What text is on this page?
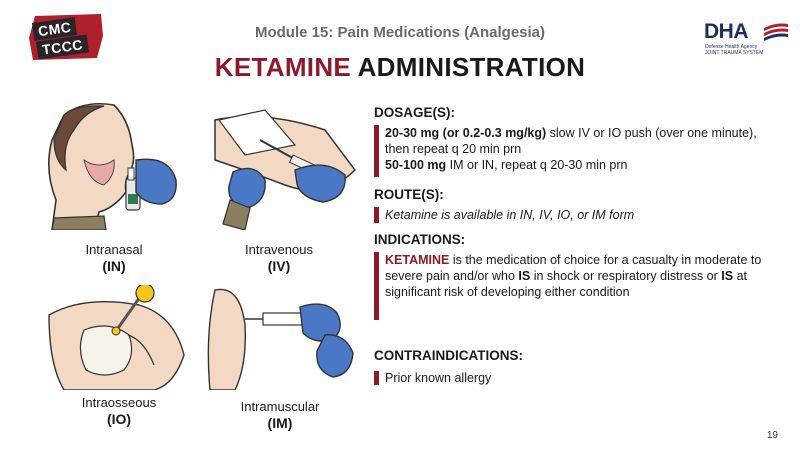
CMC
TCCC
DHA
Defense Health Agency
JOINT TRAUMA SYSTEM
Module 15: Pain Medications (Analgesia)
KETAMINE ADMINISTRATION
Intranasal
(IN)
Intravenous
(IV)
Intraosseous
(IO)
Intramuscular
(IM)
DOSAGE(S):

20-30 mg (or 0.2-0.3 mg/kg) slow IV or IO push (over one minute), then repeat q 20 min prn

50-100 mg IM or IN, repeat q 20-30 min prn

ROUTE(S):

Ketamine is available in IN, IV, IO, or IM form

INDICATIONS:

KETAMINE is the medication of choice for a casualty in moderate to severe pain and/or who IS in shock or respiratory distress or IS at significant risk of developing either condition

CONTRAINDICATIONS:

Prior known allergy

19
